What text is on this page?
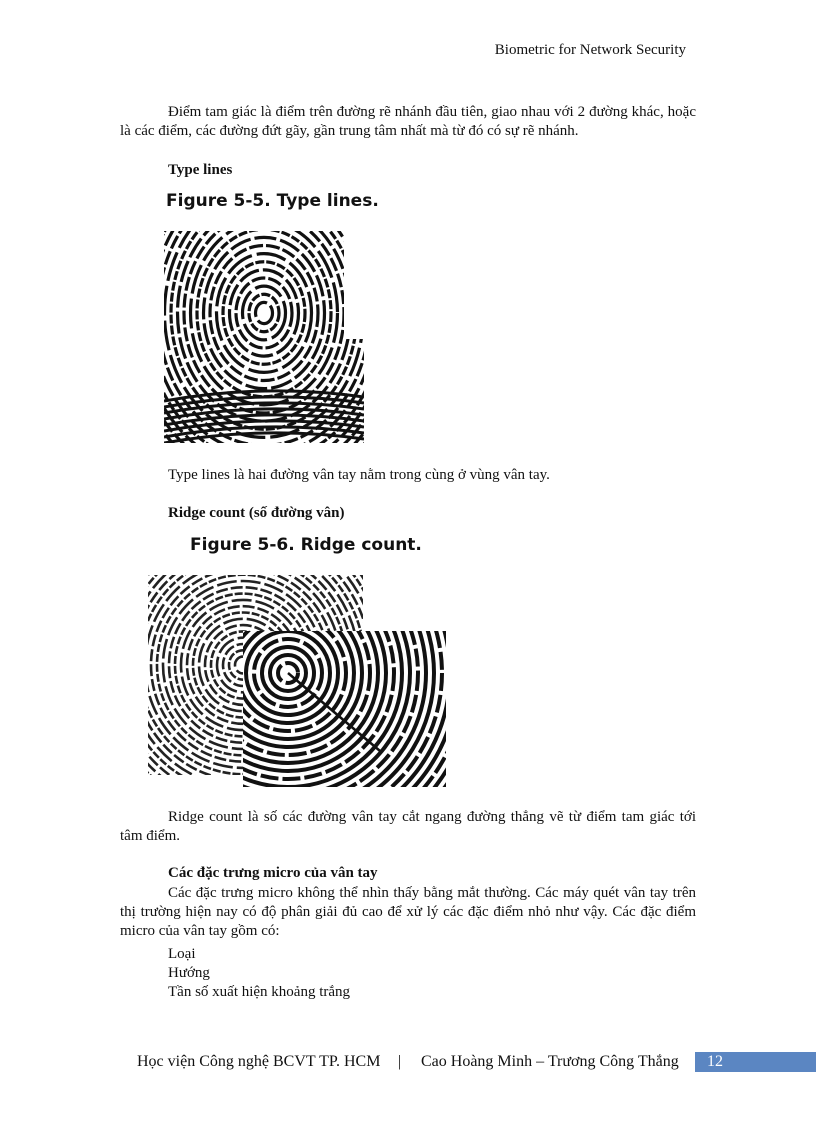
Biometric for Network Security

Điểm tam giác là điểm trên đường rẽ nhánh đầu tiên, giao nhau với 2 đường khác, hoặc là các điểm, các đường đứt gãy, gần trung tâm nhất mà từ đó có sự rẽ nhánh.

Type lines

Figure 5-5. Type lines.

Type lines là hai đường vân tay nằm trong cùng ở vùng vân tay.

Ridge count (số đường vân)

Figure 5-6. Ridge count.

Ridge count là số các đường vân tay cắt ngang đường thẳng vẽ từ điểm tam giác tới tâm điểm.

Các đặc trưng micro của vân tay

Các đặc trưng micro không thể nhìn thấy bằng mắt thường. Các máy quét vân tay trên thị trường hiện nay có độ phân giải đủ cao để xử lý các đặc điểm nhỏ như vậy. Các đặc điểm micro của vân tay gồm có:

Loại

Hướng

Tần số xuất hiện khoảng trắng

Học viện Công nghệ BCVT TP. HCM | Cao Hoàng Minh – Trương Công Thắng	12
